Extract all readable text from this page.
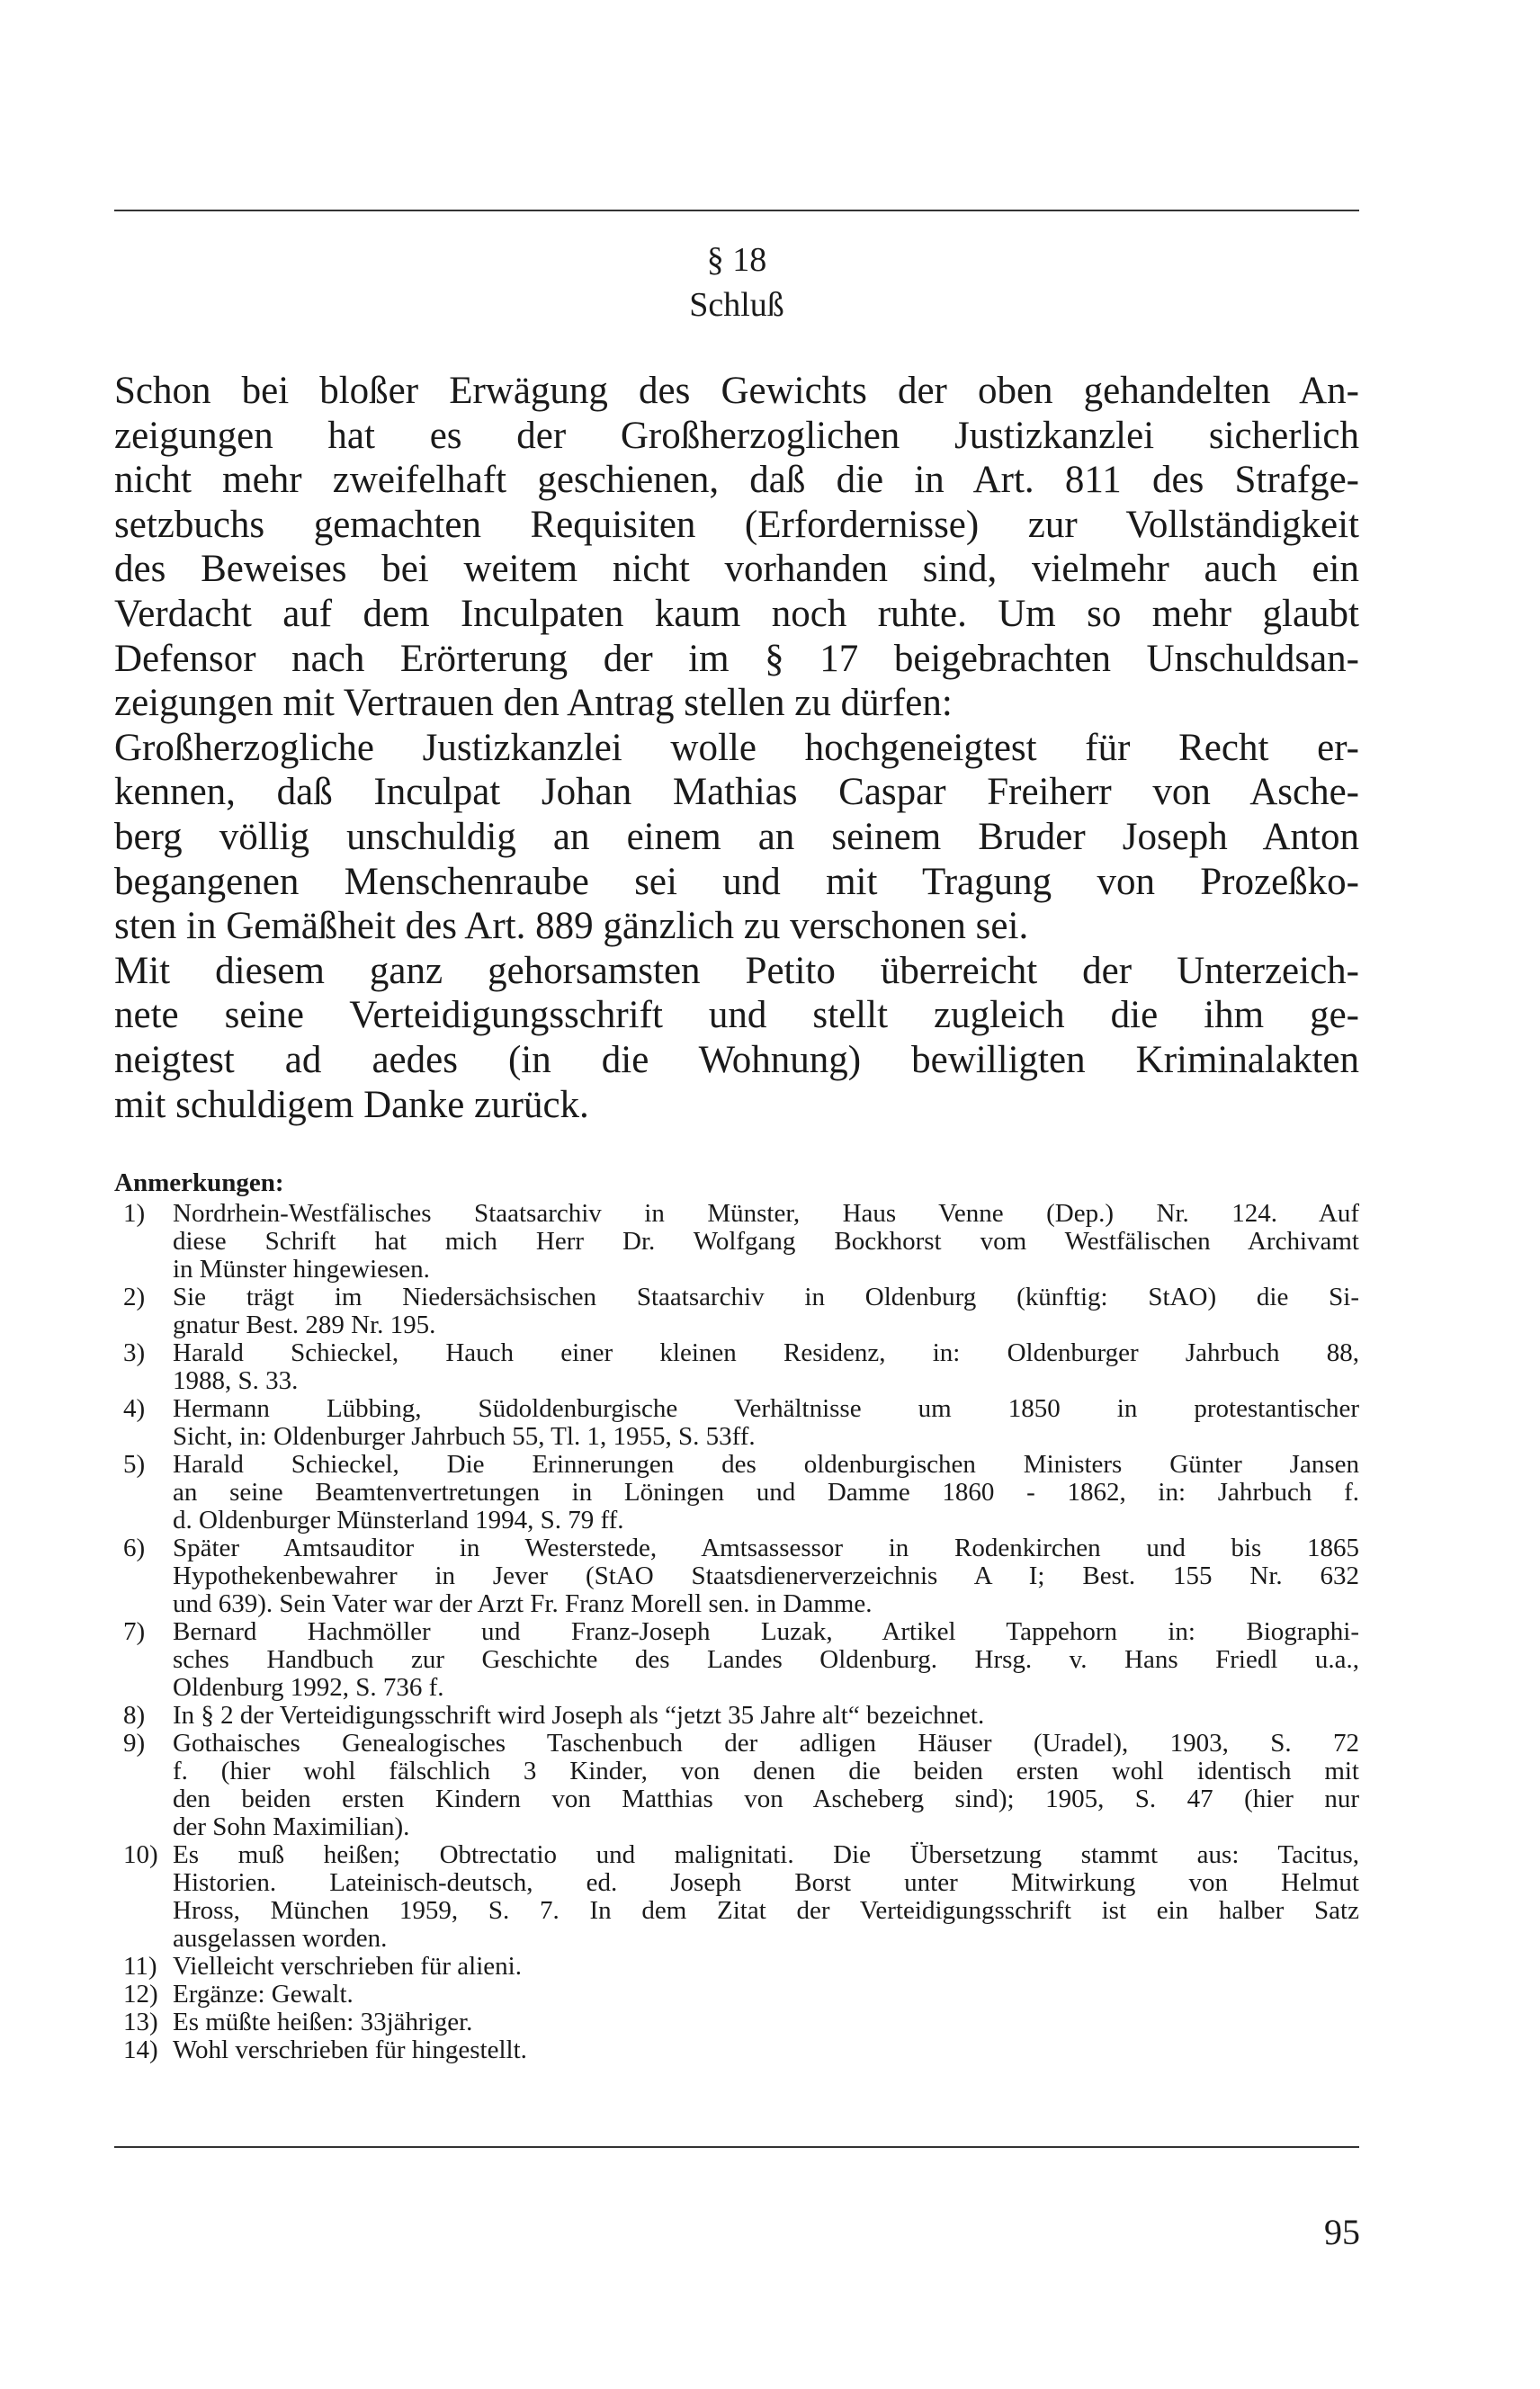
§ 18
Schluß
Schon bei bloßer Erwägung des Gewichts der oben gehandelten An-
zeigungen hat es der Großherzoglichen Justizkanzlei sicherlich
nicht mehr zweifelhaft geschienen, daß die in Art. 811 des Strafge-
setzbuchs gemachten Requisiten (Erfordernisse) zur Vollständigkeit
des Beweises bei weitem nicht vorhanden sind, vielmehr auch ein
Verdacht auf dem Inculpaten kaum noch ruhte. Um so mehr glaubt
Defensor nach Erörterung der im § 17 beigebrachten Unschuldsan-
zeigungen mit Vertrauen den Antrag stellen zu dürfen:
Großherzogliche Justizkanzlei wolle hochgeneigtest für Recht er-
kennen, daß Inculpat Johan Mathias Caspar Freiherr von Asche-
berg völlig unschuldig an einem an seinem Bruder Joseph Anton
begangenen Menschenraube sei und mit Tragung von Prozeßko-
sten in Gemäßheit des Art. 889 gänzlich zu verschonen sei.
Mit diesem ganz gehorsamsten Petito überreicht der Unterzeich-
nete seine Verteidigungsschrift und stellt zugleich die ihm ge-
neigtest ad aedes (in die Wohnung) bewilligten Kriminalakten
mit schuldigem Danke zurück.
Anmerkungen:
1)	Nordrhein-Westfälisches Staatsarchiv in Münster, Haus Venne (Dep.) Nr. 124. Auf
diese Schrift hat mich Herr Dr. Wolfgang Bockhorst vom Westfälischen Archivamt
in Münster hingewiesen.
2)	Sie trägt im Niedersächsischen Staatsarchiv in Oldenburg (künftig: StAO) die Si-
gnatur Best. 289 Nr. 195.
3)	Harald Schieckel, Hauch einer kleinen Residenz, in: Oldenburger Jahrbuch 88,
1988, S. 33.
4)	Hermann Lübbing, Südoldenburgische Verhältnisse um 1850 in protestantischer
Sicht, in: Oldenburger Jahrbuch 55, Tl. 1, 1955, S. 53ff.
5)	Harald Schieckel, Die Erinnerungen des oldenburgischen Ministers Günter Jansen
an seine Beamtenvertretungen in Löningen und Damme 1860 - 1862, in: Jahrbuch f.
d. Oldenburger Münsterland 1994, S. 79 ff.
6)	Später Amtsauditor in Westerstede, Amtsassessor in Rodenkirchen und bis 1865
Hypothekenbewahrer in Jever (StAO Staatsdienerverzeichnis A I; Best. 155 Nr. 632
und 639). Sein Vater war der Arzt Fr. Franz Morell sen. in Damme.
7)	Bernard Hachmöller und Franz-Joseph Luzak, Artikel Tappehorn in: Biographi-
sches Handbuch zur Geschichte des Landes Oldenburg. Hrsg. v. Hans Friedl u.a.,
Oldenburg 1992, S. 736 f.
8)	In § 2 der Verteidigungsschrift wird Joseph als “jetzt 35 Jahre alt“ bezeichnet.
9)	Gothaisches Genealogisches Taschenbuch der adligen Häuser (Uradel), 1903, S. 72
f. (hier wohl fälschlich 3 Kinder, von denen die beiden ersten wohl identisch mit
den beiden ersten Kindern von Matthias von Ascheberg sind); 1905, S. 47 (hier nur
der Sohn Maximilian).
10) Es muß heißen; Obtrectatio und malignitati. Die Übersetzung stammt aus: Tacitus,
Historien. Lateinisch-deutsch, ed. Joseph Borst unter Mitwirkung von Helmut
Hross, München 1959, S. 7. In dem Zitat der Verteidigungsschrift ist ein halber Satz
ausgelassen worden.
11) Vielleicht verschrieben für alieni.
12) Ergänze: Gewalt.
13) Es müßte heißen: 33jähriger.
14) Wohl verschrieben für hingestellt.
95
